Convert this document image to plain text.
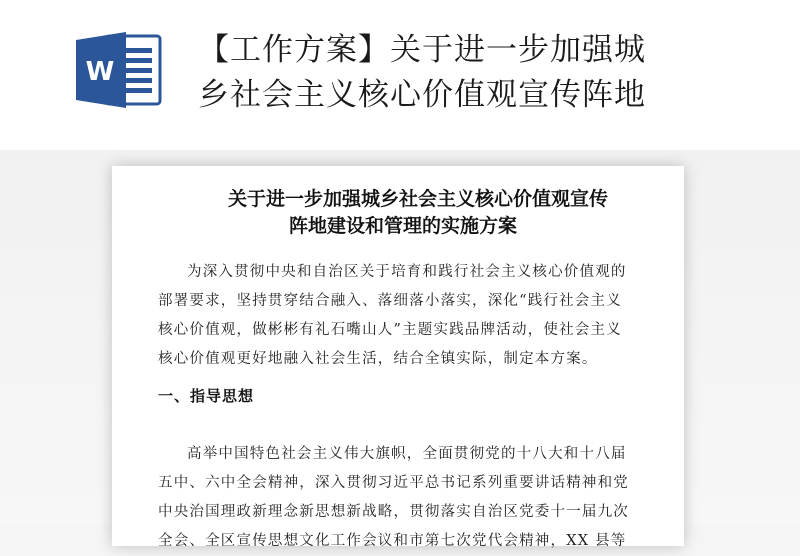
W
【工作方案】关于进一步加强城
乡社会主义核心价值观宣传阵地
关于进一步加强城乡社会主义核心价值观宣传
阵地建设和管理的实施方案
为深入贯彻中央和自治区关于培育和践行社会主义核心价值观的
部署要求，坚持贯穿结合融入、落细落小落实，深化“践行社会主义
核心价值观，做彬彬有礼石嘴山人”主题实践品牌活动，使社会主义
核心价值观更好地融入社会生活，结合全镇实际，制定本方案。
一、指导思想
高举中国特色社会主义伟大旗帜，全面贯彻党的十八大和十八届
五中、六中全会精神，深入贯彻习近平总书记系列重要讲话精神和党
中央治国理政新理念新思想新战略，贯彻落实自治区党委十一届九次
全会、全区宣传思想文化工作会议和市第七次党代会精神，XX 县等
